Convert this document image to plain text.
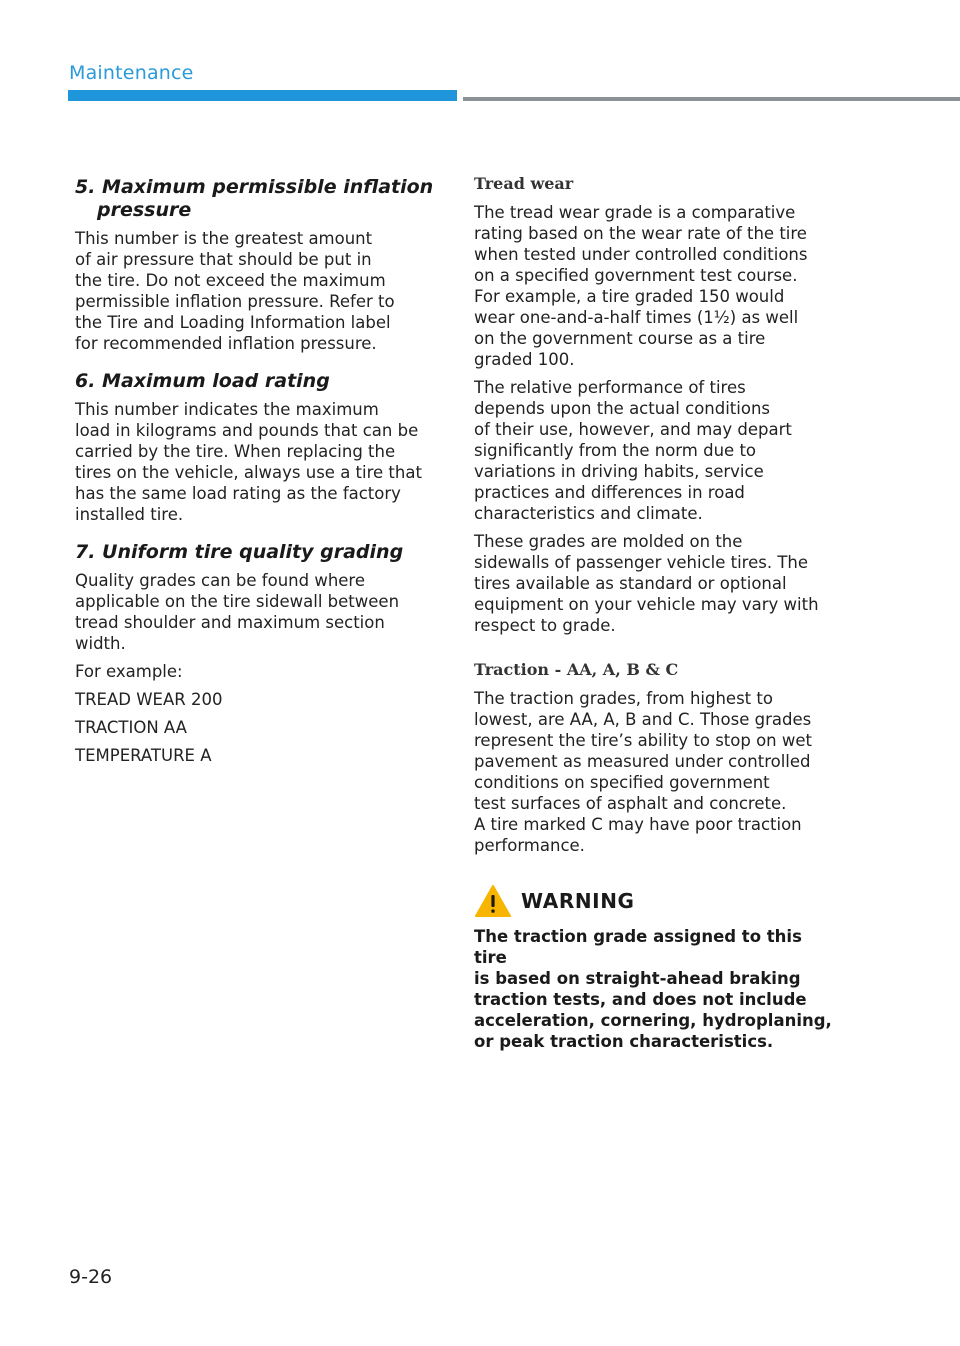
Maintenance
5. Maximum permissible inflation
pressure

This number is the greatest amount
of air pressure that should be put in
the tire. Do not exceed the maximum
permissible inflation pressure. Refer to
the Tire and Loading Information label
for recommended inflation pressure.

6. Maximum load rating

This number indicates the maximum
load in kilograms and pounds that can be
carried by the tire. When replacing the
tires on the vehicle, always use a tire that
has the same load rating as the factory
installed tire.

7. Uniform tire quality grading

Quality grades can be found where
applicable on the tire sidewall between
tread shoulder and maximum section
width.

For example:

TREAD WEAR 200

TRACTION AA

TEMPERATURE A

Tread wear

The tread wear grade is a comparative
rating based on the wear rate of the tire
when tested under controlled conditions
on a specified government test course.
For example, a tire graded 150 would
wear one-and-a-half times (1½) as well
on the government course as a tire
graded 100.

The relative performance of tires
depends upon the actual conditions
of their use, however, and may depart
significantly from the norm due to
variations in driving habits, service
practices and differences in road
characteristics and climate.

These grades are molded on the
sidewalls of passenger vehicle tires. The
tires available as standard or optional
equipment on your vehicle may vary with
respect to grade.

Traction - AA, A, B & C

The traction grades, from highest to
lowest, are AA, A, B and C. Those grades
represent the tire’s ability to stop on wet
pavement as measured under controlled
conditions on specified government
test surfaces of asphalt and concrete.
A tire marked C may have poor traction
performance.

WARNING

The traction grade assigned to this tire
is based on straight-ahead braking
traction tests, and does not include
acceleration, cornering, hydroplaning,
or peak traction characteristics.

9-26
